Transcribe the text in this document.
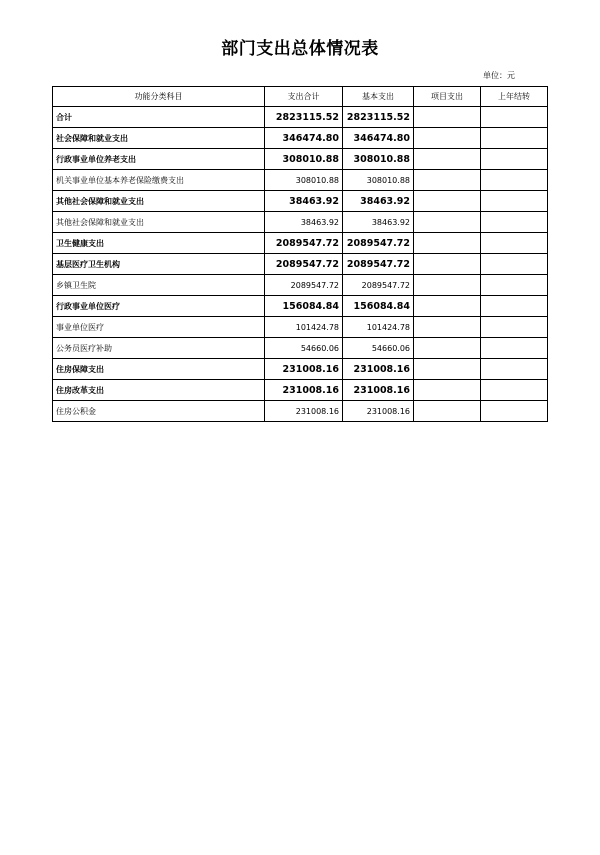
部门支出总体情况表
单位：元
功能分类科目	支出合计	基本支出	项目支出	上年结转
合计	2823115.52	2823115.52		
社会保障和就业支出	346474.80	346474.80		
行政事业单位养老支出	308010.88	308010.88		
机关事业单位基本养老保险缴费支出	308010.88	308010.88		
其他社会保障和就业支出	38463.92	38463.92		
其他社会保障和就业支出	38463.92	38463.92		
卫生健康支出	2089547.72	2089547.72		
基层医疗卫生机构	2089547.72	2089547.72		
乡镇卫生院	2089547.72	2089547.72		
行政事业单位医疗	156084.84	156084.84		
事业单位医疗	101424.78	101424.78		
公务员医疗补助	54660.06	54660.06		
住房保障支出	231008.16	231008.16		
住房改革支出	231008.16	231008.16		
住房公积金	231008.16	231008.16		
